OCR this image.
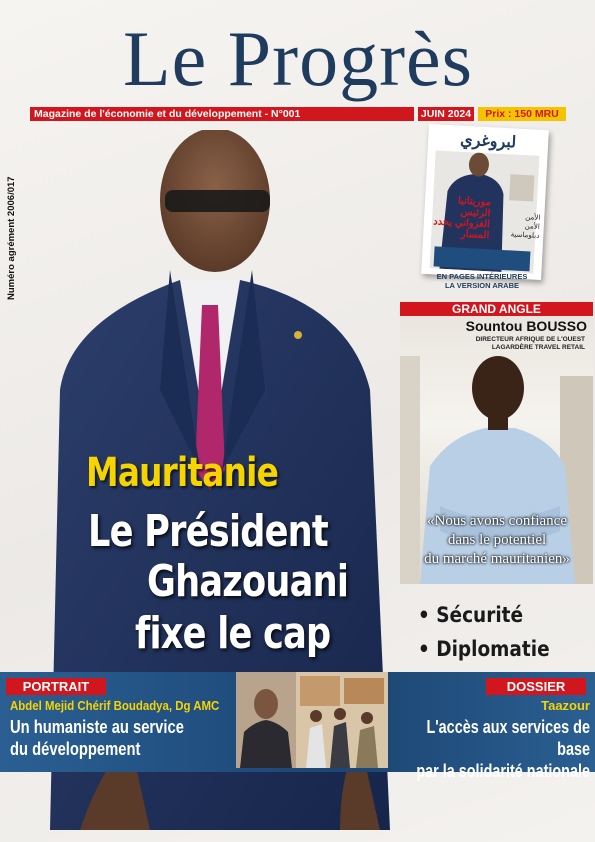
Le Progrès
Magazine de l'économie et du développement - N°001	JUIN 2024	Prix : 150 MRU
Numéro agrément 2006/017
لبروغري
موريتانيا الرئيس الغزواني يحدد المسار
الأمن
الأمن
دبلوماسية
EN PAGES INTÉRIEURES
LA VERSION ARABE
GRAND ANGLE
Sountou BOUSSO
DIRECTEUR AFRIQUE DE L'OUEST
LAGARDÈRE TRAVEL RETAIL
«Nous avons confiance
dans le potentiel
du marché mauritanien»
Mauritanie
Le Président
Ghazouani
fixe le cap	• Sécurité
• Diplomatie
PORTRAIT
Abdel Mejid Chérif Boudadya, Dg AMC
Un humaniste au service
du développement
DOSSIER
Taazour
L'accès aux services de base
par la solidarité nationale
